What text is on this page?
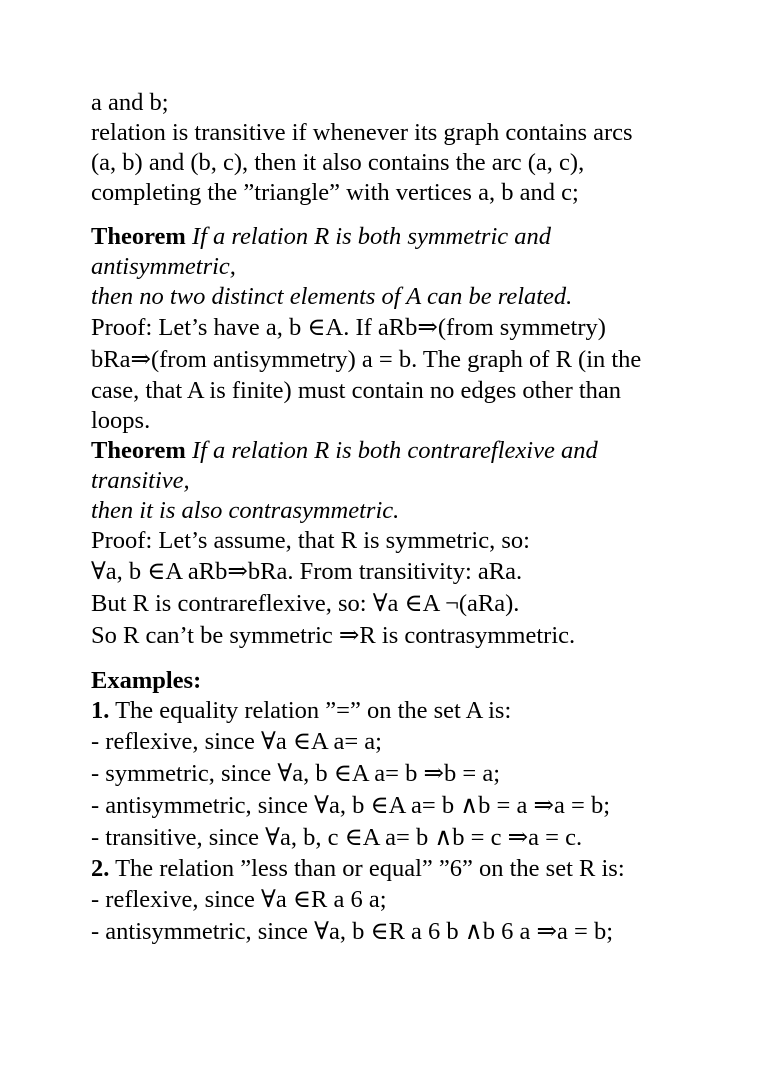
a and b;
relation is transitive if whenever its graph contains arcs
(a, b) and (b, c), then it also contains the arc (a, c),
completing the ”triangle” with vertices a, b and c;
Theorem If a relation R is both symmetric and
antisymmetric,
then no two distinct elements of A can be related.
Proof: Let’s have a, b ∈A. If aRb⇒(from symmetry)
bRa⇒(from antisymmetry) a = b. The graph of R (in the
case, that A is finite) must contain no edges other than
loops.
Theorem If a relation R is both contrareflexive and
transitive,
then it is also contrasymmetric.
Proof: Let’s assume, that R is symmetric, so:
∀a, b ∈A aRb⇒bRa. From transitivity: aRa.
But R is contrareflexive, so: ∀a ∈A ¬(aRa).
So R can’t be symmetric ⇒R is contrasymmetric.
Examples:
1. The equality relation ”=” on the set A is:
- reflexive, since ∀a ∈A a= a;
- symmetric, since ∀a, b ∈A a= b ⇒b = a;
- antisymmetric, since ∀a, b ∈A a= b ∧b = a ⇒a = b;
- transitive, since ∀a, b, c ∈A a= b ∧b = c ⇒a = c.
2. The relation ”less than or equal” ”6” on the set R is:
- reflexive, since ∀a ∈R a 6 a;
- antisymmetric, since ∀a, b ∈R a 6 b ∧b 6 a ⇒a = b;
